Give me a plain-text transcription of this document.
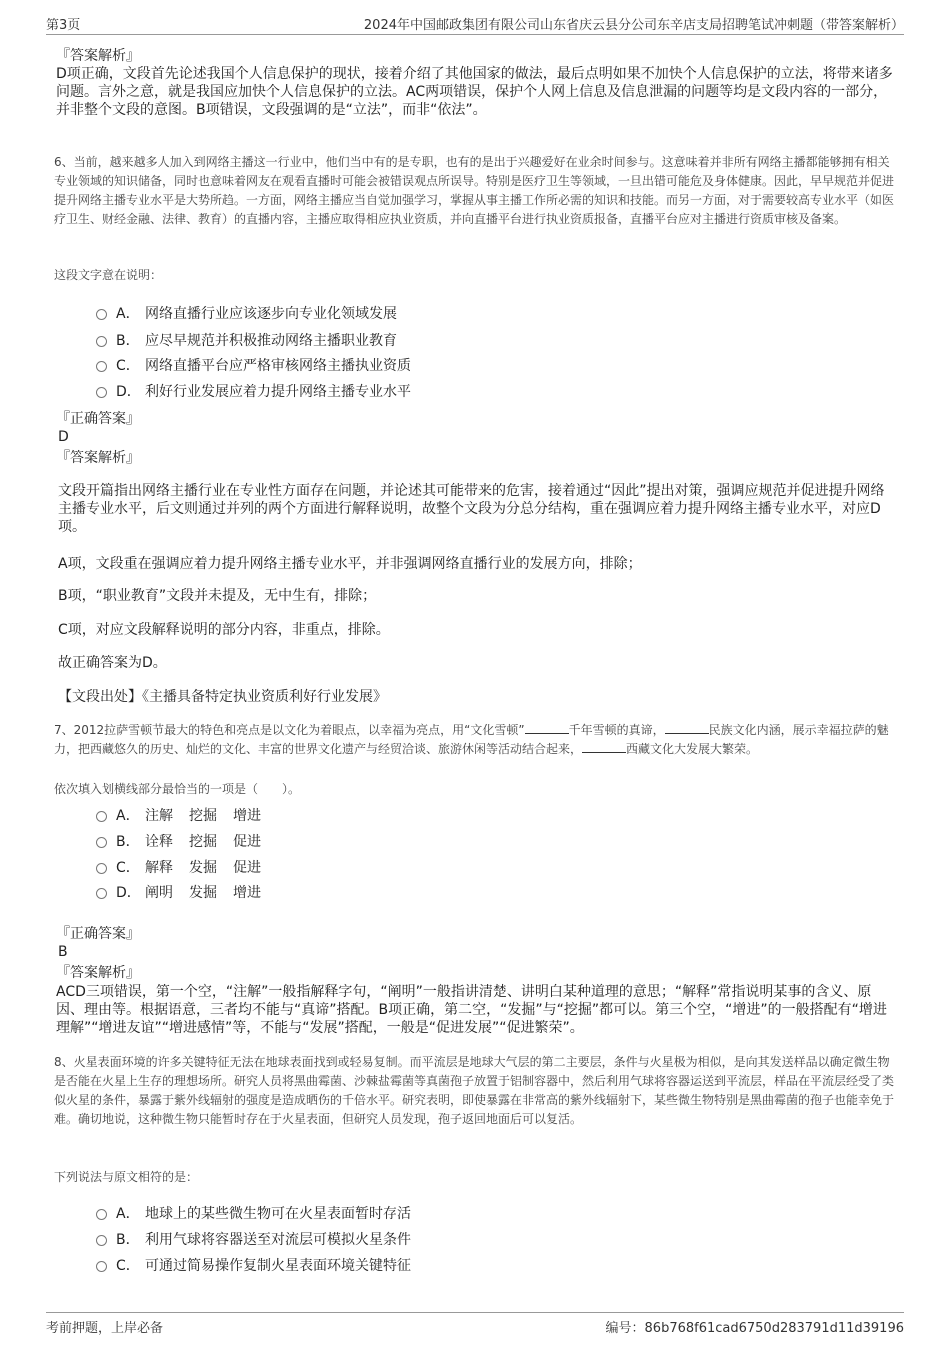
第3页	2024年中国邮政集团有限公司山东省庆云县分公司东辛店支局招聘笔试冲刺题（带答案解析）
『答案解析』
D项正确，文段首先论述我国个人信息保护的现状，接着介绍了其他国家的做法，最后点明如果不加快个人信息保护的立法，将带来诸多问题。言外之意，就是我国应加快个人信息保护的立法。AC两项错误，保护个人网上信息及信息泄漏的问题等均是文段内容的一部分，并非整个文段的意图。B项错误，文段强调的是“立法”，而非“依法”。
6、当前，越来越多人加入到网络主播这一行业中，他们当中有的是专职，也有的是出于兴趣爱好在业余时间参与。这意味着并非所有网络主播都能够拥有相关专业领域的知识储备，同时也意味着网友在观看直播时可能会被错误观点所误导。特别是医疗卫生等领域，一旦出错可能危及身体健康。因此，早早规范并促进提升网络主播专业水平是大势所趋。一方面，网络主播应当自觉加强学习，掌握从事主播工作所必需的知识和技能。而另一方面，对于需要较高专业水平（如医疗卫生、财经金融、法律、教育）的直播内容，主播应取得相应执业资质，并向直播平台进行执业资质报备，直播平台应对主播进行资质审核及备案。
这段文字意在说明：
A． 网络直播行业应该逐步向专业化领域发展
B． 应尽早规范并积极推动网络主播职业教育
C． 网络直播平台应严格审核网络主播执业资质
D． 利好行业发展应着力提升网络主播专业水平
『正确答案』
D
『答案解析』
文段开篇指出网络主播行业在专业性方面存在问题，并论述其可能带来的危害，接着通过“因此”提出对策，强调应规范并促进提升网络主播专业水平，后文则通过并列的两个方面进行解释说明，故整个文段为分总分结构，重在强调应着力提升网络主播专业水平，对应D项。
A项，文段重在强调应着力提升网络主播专业水平，并非强调网络直播行业的发展方向，排除；
B项，“职业教育”文段并未提及，无中生有，排除；
C项，对应文段解释说明的部分内容，非重点，排除。
故正确答案为D。
【文段出处】《主播具备特定执业资质利好行业发展》
7、2012拉萨雪顿节最大的特色和亮点是以文化为着眼点，以幸福为亮点，用“文化雪顿”	千年雪顿的真谛，	民族文化内涵，展示幸福拉萨的魅力，把西藏悠久的历史、灿烂的文化、丰富的世界文化遗产与经贸洽谈、旅游休闲等活动结合起来，	西藏文化大发展大繁荣。
依次填入划横线部分最恰当的一项是（　　）。
A． 注解 挖掘 增进
B． 诠释 挖掘 促进
C． 解释 发掘 促进
D． 阐明 发掘 增进
『正确答案』
B
『答案解析』
ACD三项错误，第一个空，“注解”一般指解释字句，“阐明”一般指讲清楚、讲明白某种道理的意思；“解释”常指说明某事的含义、原因、理由等。根据语意，三者均不能与“真谛”搭配。B项正确，第二空，“发掘”与“挖掘”都可以。第三个空，“增进”的一般搭配有“增进理解”“增进友谊”“增进感情”等，不能与“发展”搭配，一般是“促进发展”“促进繁荣”。
8、火星表面环境的许多关键特征无法在地球表面找到或轻易复制。而平流层是地球大气层的第二主要层，条件与火星极为相似，是向其发送样品以确定微生物是否能在火星上生存的理想场所。研究人员将黑曲霉菌、沙棘盐霉菌等真菌孢子放置于铝制容器中，然后利用气球将容器运送到平流层，样品在平流层经受了类似火星的条件，暴露于紫外线辐射的强度是造成晒伤的千倍水平。研究表明，即使暴露在非常高的紫外线辐射下，某些微生物特别是黑曲霉菌的孢子也能幸免于难。确切地说，这种微生物只能暂时存在于火星表面，但研究人员发现，孢子返回地面后可以复活。
下列说法与原文相符的是：
A． 地球上的某些微生物可在火星表面暂时存活
B． 利用气球将容器送至对流层可模拟火星条件
C． 可通过简易操作复制火星表面环境关键特征
考前押题，上岸必备	编号：86b768f61cad6750d283791d11d39196
